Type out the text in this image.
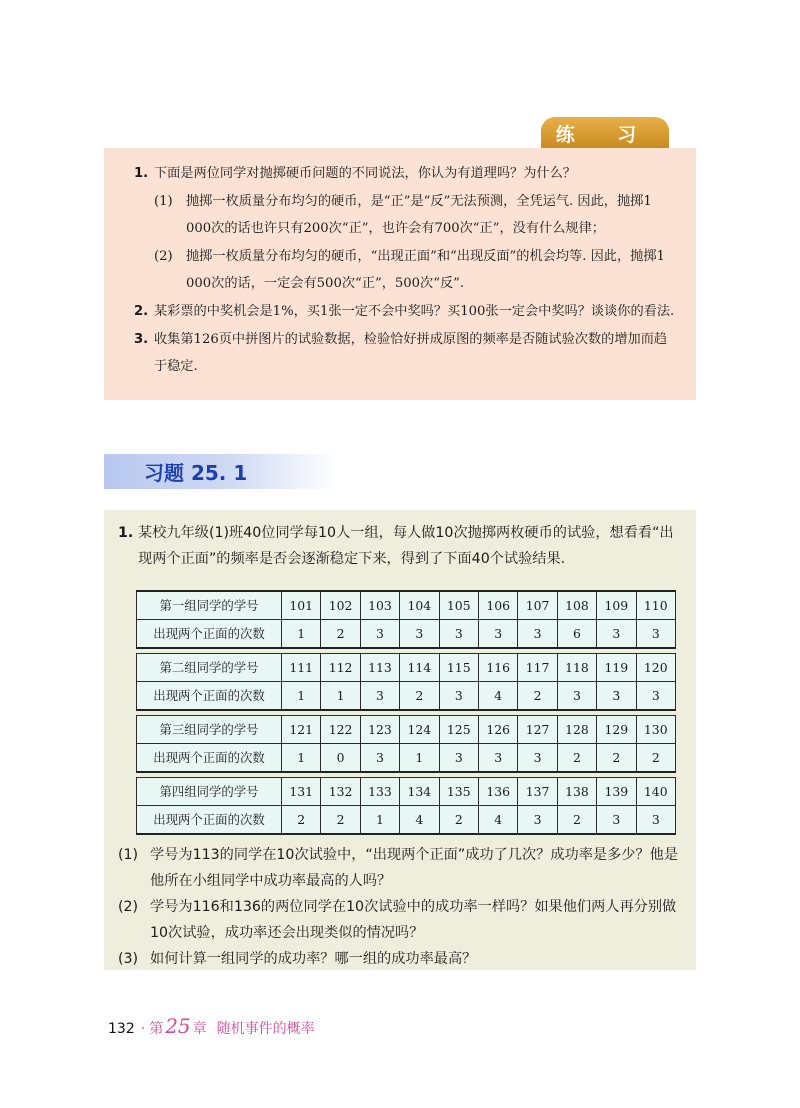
练 习
1. 下面是两位同学对抛掷硬币问题的不同说法，你认为有道理吗？为什么？
(1) 抛掷一枚质量分布均匀的硬币，是“正”是“反”无法预测，全凭运气. 因此，抛掷1 000次的话也许只有200次“正”，也许会有700次“正”，没有什么规律；
(2) 抛掷一枚质量分布均匀的硬币，“出现正面”和“出现反面”的机会均等. 因此，抛掷1 000次的话，一定会有500次“正”，500次“反”.
2. 某彩票的中奖机会是1%，买1张一定不会中奖吗？买100张一定会中奖吗？谈谈你的看法.
3. 收集第126页中拼图片的试验数据，检验恰好拼成原图的频率是否随试验次数的增加而趋于稳定.
习题 25. 1
1. 某校九年级(1)班40位同学每10人一组，每人做10次抛掷两枚硬币的试验，想看看“出现两个正面”的频率是否会逐渐稳定下来，得到了下面40个试验结果.
第一组同学的学号	101	102	103	104	105	106	107	108	109	110
出现两个正面的次数	1	2	3	3	3	3	3	6	3	3
第二组同学的学号	111	112	113	114	115	116	117	118	119	120
出现两个正面的次数	1	1	3	2	3	4	2	3	3	3
第三组同学的学号	121	122	123	124	125	126	127	128	129	130
出现两个正面的次数	1	0	3	1	3	3	3	2	2	2
第四组同学的学号	131	132	133	134	135	136	137	138	139	140
出现两个正面的次数	2	2	1	4	2	4	3	2	3	3
(1) 学号为113的同学在10次试验中，“出现两个正面”成功了几次？成功率是多少？他是他所在小组同学中成功率最高的人吗？
(2) 学号为116和136的两位同学在10次试验中的成功率一样吗？如果他们两人再分别做10次试验，成功率还会出现类似的情况吗？
(3) 如何计算一组同学的成功率？哪一组的成功率最高？
132 · 第 25 章 随机事件的概率
